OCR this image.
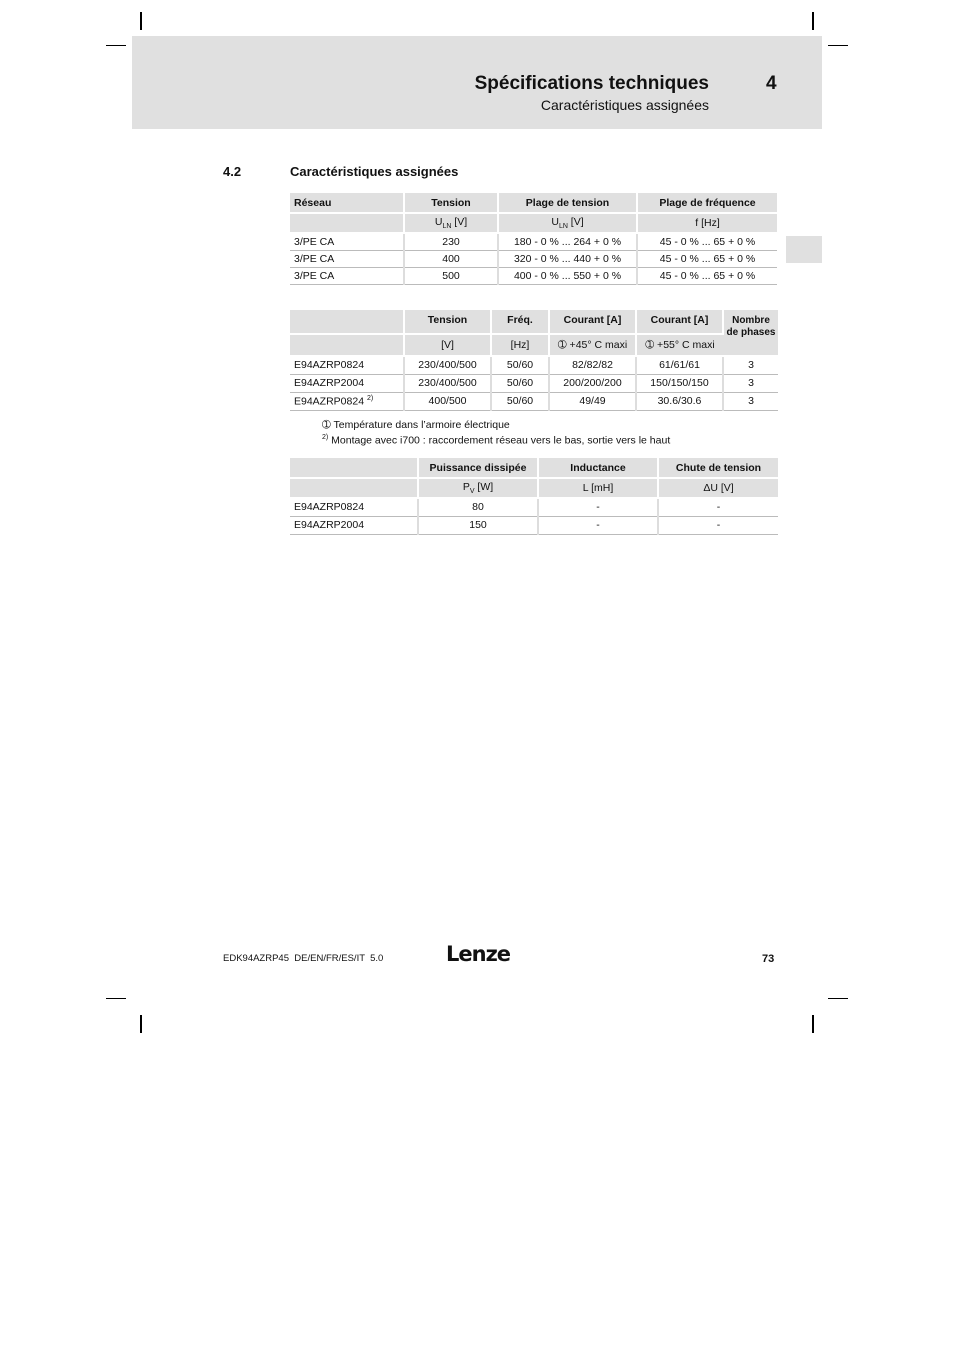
Spécifications techniques	4
Caractéristiques assignées
4.2	Caractéristiques assignées
Réseau	Tension	Plage de tension	Plage de fréquence
	$U_{LN}$ [V]	$U_{LN}$ [V]	f [Hz]
3/PE CA	230	180 - 0 % ... 264 + 0 %	45 - 0 % ... 65 + 0 %
3/PE CA	400	320 - 0 % ... 440 + 0 %	45 - 0 % ... 65 + 0 %
3/PE CA	500	400 - 0 % ... 550 + 0 %	45 - 0 % ... 65 + 0 %
	Tension	Fréq.	Courant [A]	Courant [A]	Nombre de phases
	[V]	[Hz]	➀ +45° C maxi	➀ +55° C maxi	
E94AZRP0824	230/400/500	50/60	82/82/82	61/61/61	3
E94AZRP2004	230/400/500	50/60	200/200/200	150/150/150	3
E94AZRP0824 $^{2)}$	400/500	50/60	49/49	30.6/30.6	3
➀ Température dans l’armoire électrique
$^{2)}$ Montage avec i700 : raccordement réseau vers le bas, sortie vers le haut
	Puissance dissipée	Inductance	Chute de tension
	$P_V$ [W]	L [mH]	ΔU [V]
E94AZRP0824	80	-	-
E94AZRP2004	150	-	-
EDK94AZRP45  DE/EN/FR/ES/IT  5.0	Lenze	73
